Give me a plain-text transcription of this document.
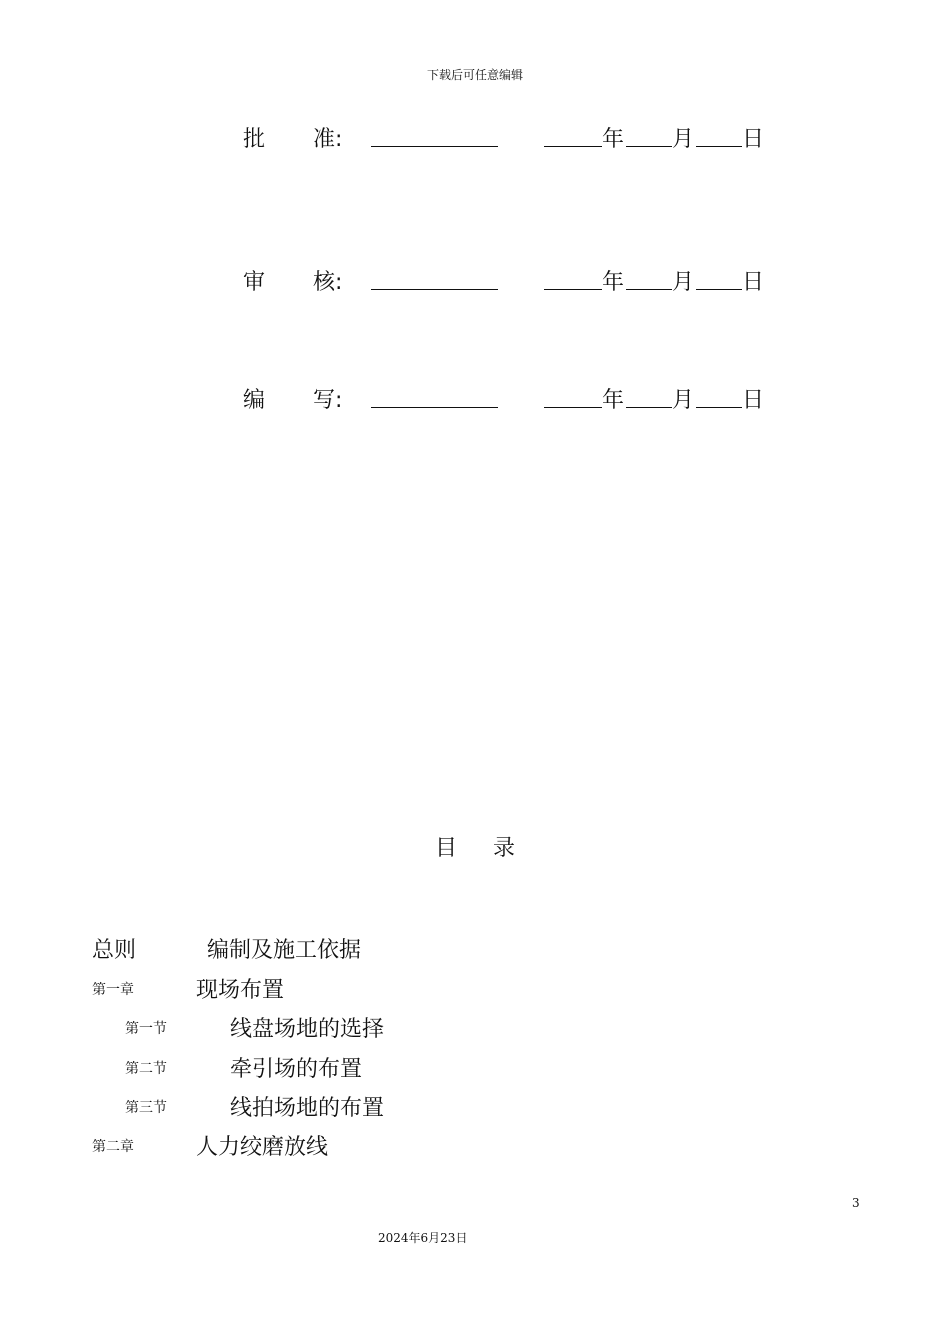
下载后可任意编辑
批 准:	年 月 日
审 核:	年 月 日
编 写:	年 月 日
目 录
总则	编制及施工依据
第一章	现场布置
第一节	线盘场地的选择
第二节	牵引场的布置
第三节	线拍场地的布置
第二章	人力绞磨放线
3
2024年6月23日
